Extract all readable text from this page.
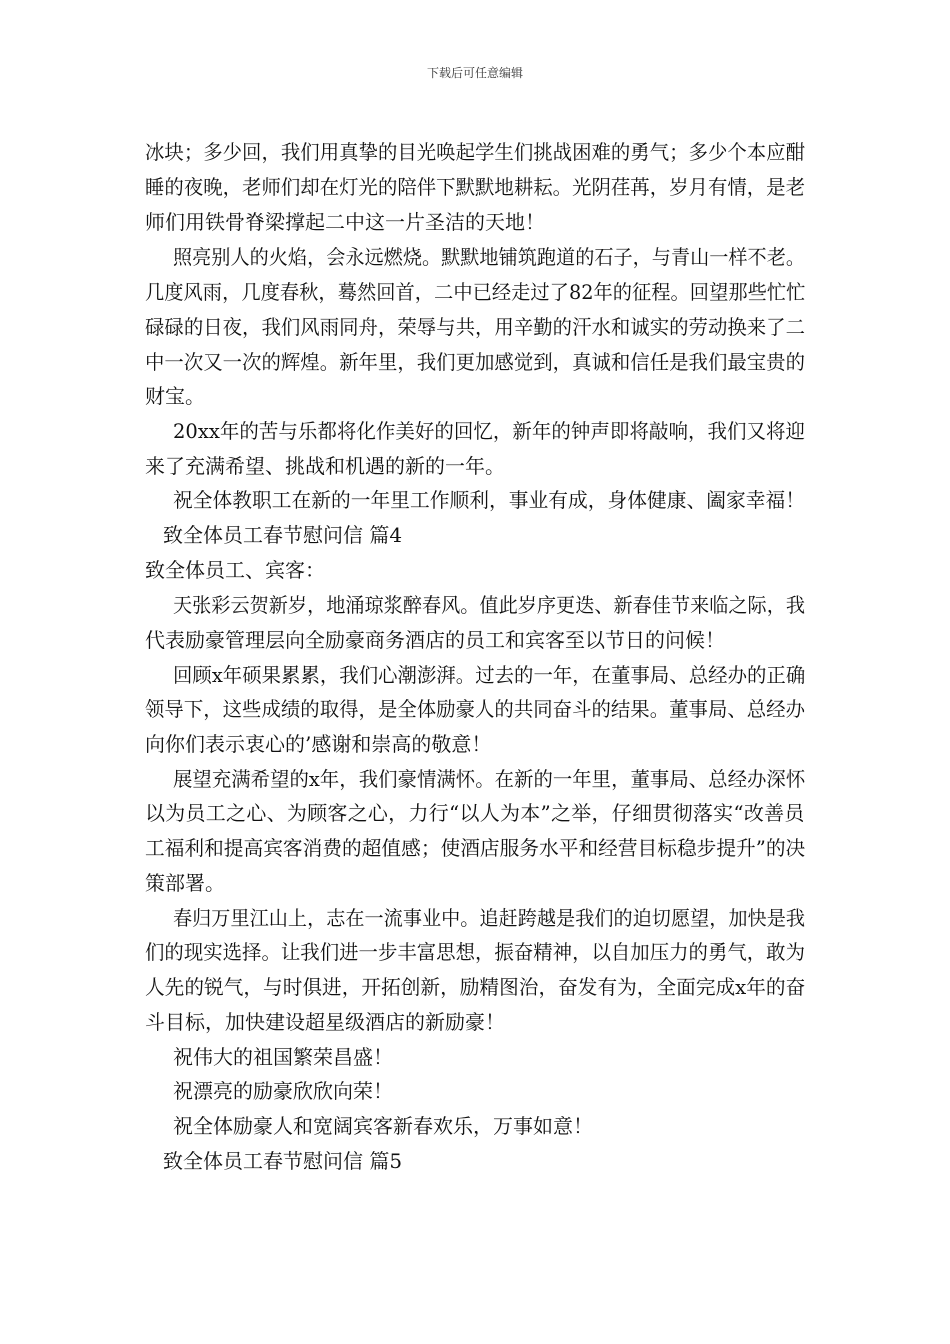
下载后可任意编辑
冰块；多少回，我们用真挚的目光唤起学生们挑战困难的勇气；多少个本应酣
睡的夜晚，老师们却在灯光的陪伴下默默地耕耘。光阴荏苒，岁月有情，是老
师们用铁骨脊梁撑起二中这一片圣洁的天地！
照亮别人的火焰，会永远燃烧。默默地铺筑跑道的石子，与青山一样不老。
几度风雨，几度春秋，蓦然回首，二中已经走过了82年的征程。回望那些忙忙
碌碌的日夜，我们风雨同舟，荣辱与共，用辛勤的汗水和诚实的劳动换来了二
中一次又一次的辉煌。新年里，我们更加感觉到，真诚和信任是我们最宝贵的
财宝。
20xx年的苦与乐都将化作美好的回忆，新年的钟声即将敲响，我们又将迎
来了充满希望、挑战和机遇的新的一年。
祝全体教职工在新的一年里工作顺利，事业有成，身体健康、阖家幸福！
致全体员工春节慰问信 篇4
致全体员工、宾客：
天张彩云贺新岁，地涌琼浆醉春风。值此岁序更迭、新春佳节来临之际，我
代表励豪管理层向全励豪商务酒店的员工和宾客至以节日的问候！
回顾x年硕果累累，我们心潮澎湃。过去的一年，在董事局、总经办的正确
领导下，这些成绩的取得，是全体励豪人的共同奋斗的结果。董事局、总经办
向你们表示衷心的’感谢和崇高的敬意！
展望充满希望的x年，我们豪情满怀。在新的一年里，董事局、总经办深怀
以为员工之心、为顾客之心，力行“以人为本”之举，仔细贯彻落实“改善员
工福利和提高宾客消费的超值感；使酒店服务水平和经营目标稳步提升”的决
策部署。
春归万里江山上，志在一流事业中。追赶跨越是我们的迫切愿望，加快是我
们的现实选择。让我们进一步丰富思想，振奋精神，以自加压力的勇气，敢为
人先的锐气，与时俱进，开拓创新，励精图治，奋发有为，全面完成x年的奋
斗目标，加快建设超星级酒店的新励豪！
祝伟大的祖国繁荣昌盛！
祝漂亮的励豪欣欣向荣！
祝全体励豪人和宽阔宾客新春欢乐，万事如意！
致全体员工春节慰问信 篇5
